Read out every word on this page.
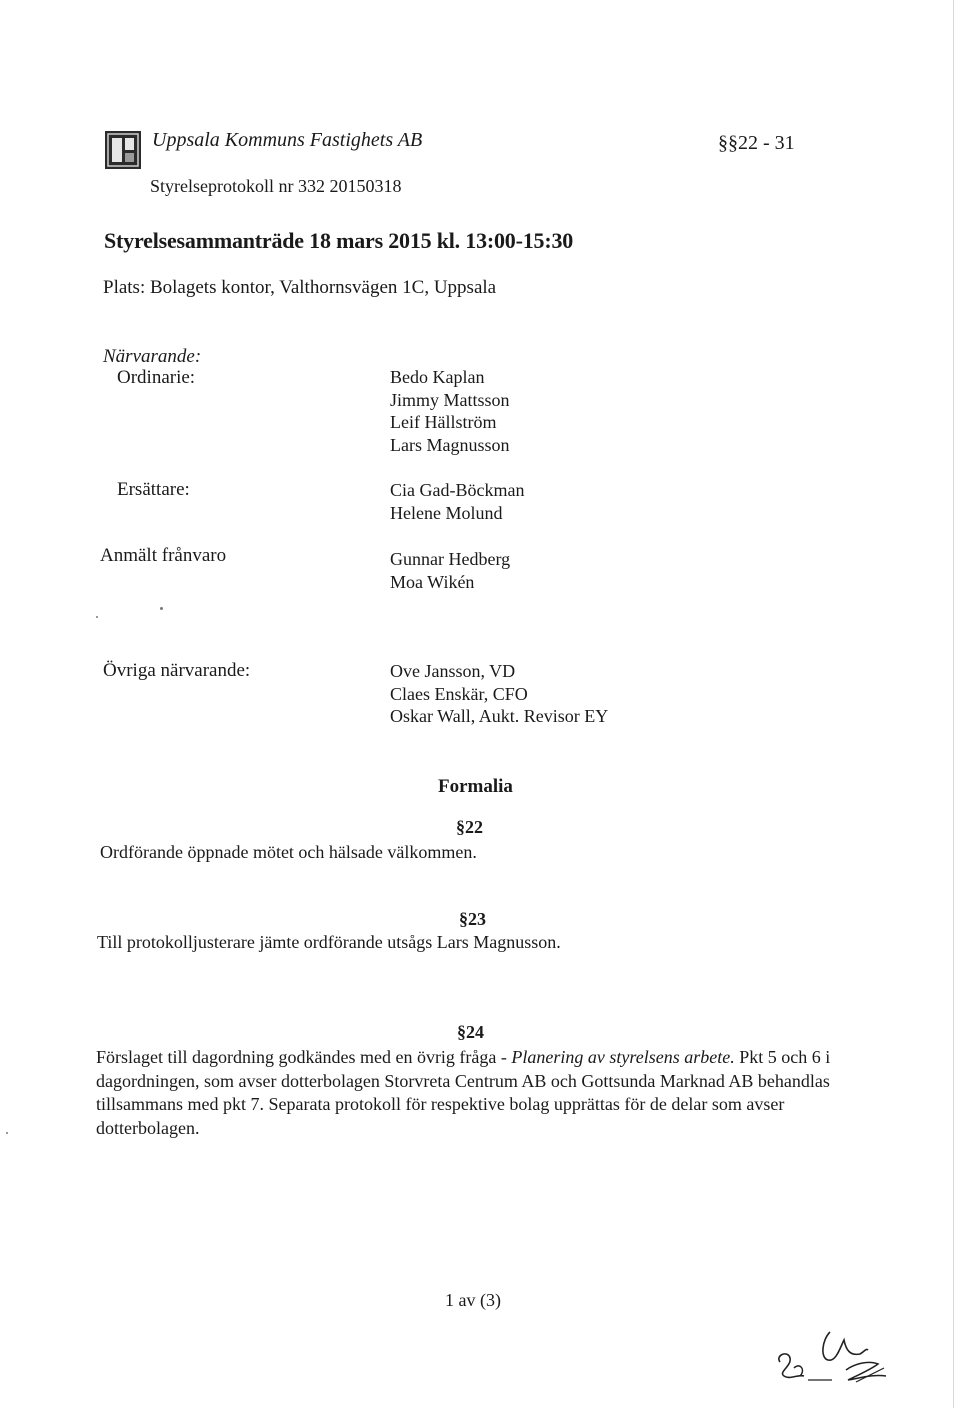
Uppsala Kommuns Fastighets AB	§§22 - 31
Styrelseprotokoll nr 332 20150318
Styrelsesammanträde 18 mars 2015 kl. 13:00-15:30
Plats: Bolagets kontor, Valthornsvägen 1C, Uppsala
Närvarande:
Ordinarie:	Bedo Kaplan
Jimmy Mattsson
Leif Hällström
Lars Magnusson
Ersättare:	Cia Gad-Böckman
Helene Molund
Anmält frånvaro	Gunnar Hedberg
Moa Wikén
Övriga närvarande:	Ove Jansson, VD
Claes Enskär, CFO
Oskar Wall, Aukt. Revisor EY
Formalia
§22
Ordförande öppnade mötet och hälsade välkommen.
§23
Till protokolljusterare jämte ordförande utsågs Lars Magnusson.
§24
Förslaget till dagordning godkändes med en övrig fråga - Planering av styrelsens arbete. Pkt 5 och 6 i dagordningen, som avser dotterbolagen Storvreta Centrum AB och Gottsunda Marknad AB behandlas tillsammans med pkt 7. Separata protokoll för respektive bolag upprättas för de delar som avser dotterbolagen.
1 av (3)
